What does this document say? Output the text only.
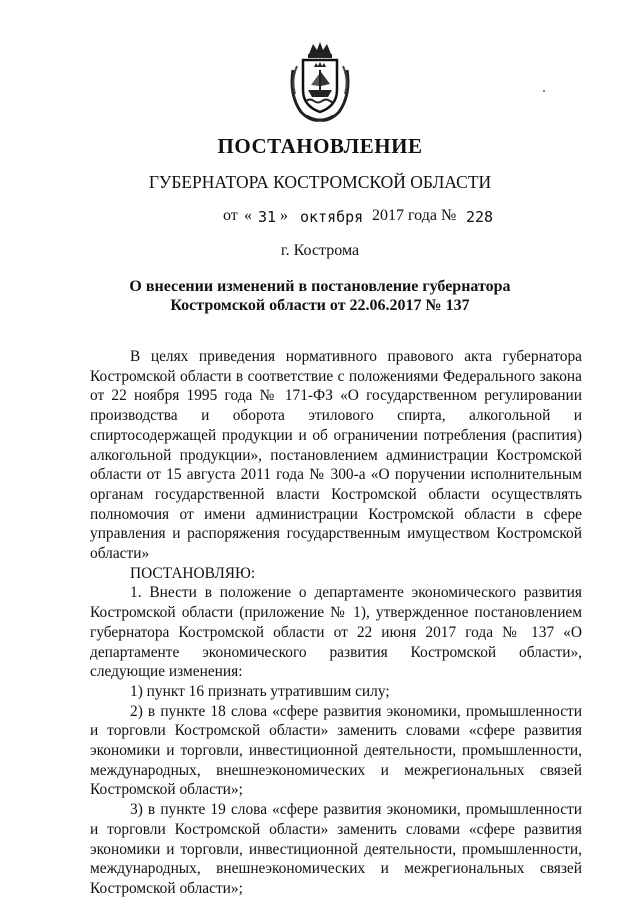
ПОСТАНОВЛЕНИЕ
ГУБЕРНАТОРА КОСТРОМСКОЙ ОБЛАСТИ
от « 31 » октября 2017 года № 228
г. Кострома
О внесении изменений в постановление губернатора
Костромской области от 22.06.2017 № 137

В целях приведения нормативного правового акта губернатора Костромской области в соответствие с положениями Федерального закона от 22 ноября 1995 года № 171-ФЗ «О государственном регулировании производства и оборота этилового спирта, алкогольной и спиртосодержащей продукции и об ограничении потребления (распития) алкогольной продукции», постановлением администрации Костромской области от 15 августа 2011 года № 300-а «О поручении исполнительным органам государственной власти Костромской области осуществлять полномочия от имени администрации Костромской области в сфере управления и распоряжения государственным имуществом Костромской области»

ПОСТАНОВЛЯЮ:

1. Внести в положение о департаменте экономического развития Костромской области (приложение № 1), утвержденное постановлением губернатора Костромской области от 22 июня 2017 года № 137 «О департаменте экономического развития Костромской области», следующие изменения:

1) пункт 16 признать утратившим силу;

2) в пункте 18 слова «сфере развития экономики, промышленности и торговли Костромской области» заменить словами «сфере развития экономики и торговли, инвестиционной деятельности, промышленности, международных, внешнеэкономических и межрегиональных связей Костромской области»;

3) в пункте 19 слова «сфере развития экономики, промышленности и торговли Костромской области» заменить словами «сфере развития экономики и торговли, инвестиционной деятельности, промышленности, международных, внешнеэкономических и межрегиональных связей Костромской области»;
